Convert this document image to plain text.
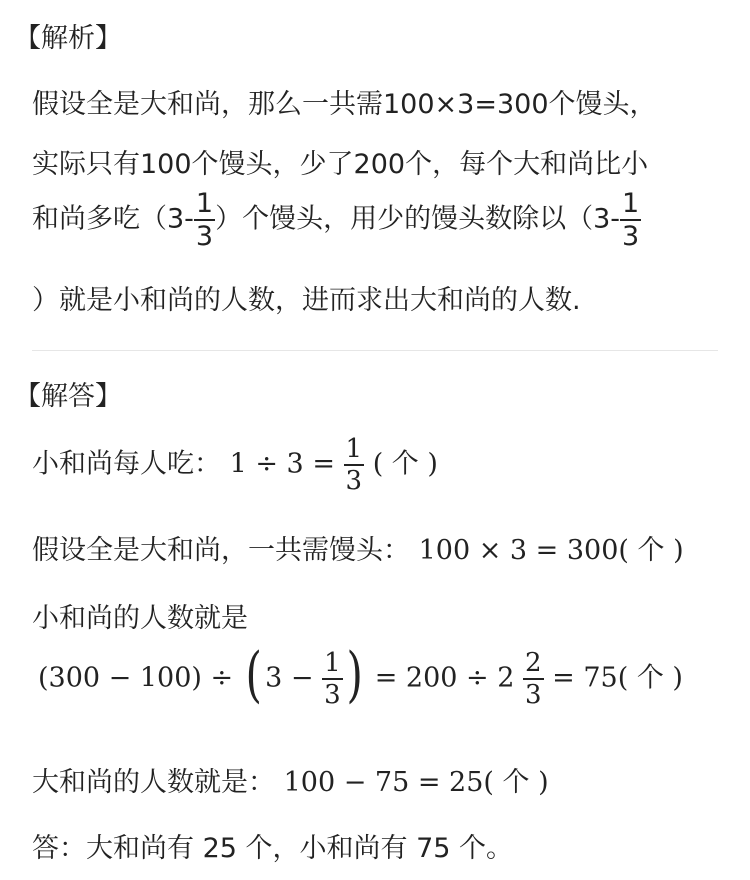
【解析】
假设全是大和尚，那么一共需100×3=300个馒头，
实际只有100个馒头，少了200个，每个大和尚比小
和尚多吃（$3- \frac{1}{3}$ ）个馒头，用少的馒头数除以（$3- \frac{1}{3}$
）就是小和尚的人数，进而求出大和尚的人数.
【解答】
小和尚每人吃： $1 \div 3 = \frac{1}{3}$ ( 个 )
假设全是大和尚，一共需馒头： 100 × 3 = 300( 个 )
小和尚的人数就是
(300 − 100) ÷ ( $3 - \frac{1}{3}$ ) = $200 \div 2 \frac{2}{3} = 75$( 个 )
大和尚的人数就是： 100 − 75 = 25( 个 )
答：大和尚有 25 个，小和尚有 75 个。
